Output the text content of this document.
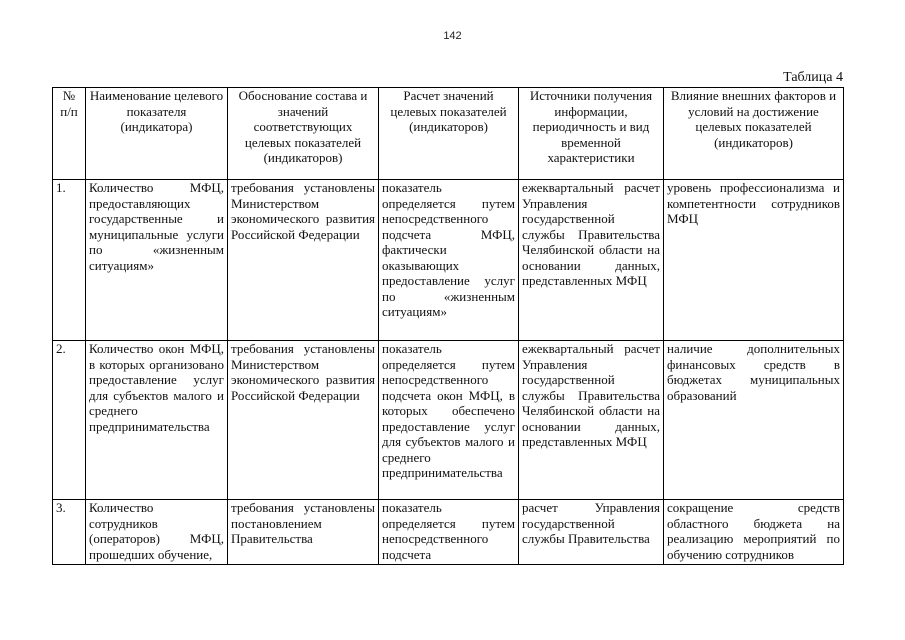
142
Таблица 4
№ п/п	Наименование целевого показателя (индикатора)	Обоснование состава и значений соответствующих целевых показателей (индикаторов)	Расчет значений целевых показателей (индикаторов)	Источники получения информации, периодичность и вид временной характеристики	Влияние внешних факторов и условий на достижение целевых показателей (индикаторов)
1.	Количество МФЦ, предоставляющих государственные и муниципальные услуги по «жизненным ситуациям»	требования установлены Министерством экономического развития Российской Федерации	показатель определяется путем непосредственного подсчета МФЦ, фактически оказывающих предоставление услуг по «жизненным ситуациям»	ежеквартальный расчет Управления государственной службы Правительства Челябинской области на основании данных, представленных МФЦ	уровень профессионализма и компетентности сотрудников МФЦ
2.	Количество окон МФЦ, в которых организовано предоставление услуг для субъектов малого и среднего предпринимательства	требования установлены Министерством экономического развития Российской Федерации	показатель определяется путем непосредственного подсчета окон МФЦ, в которых обеспечено предоставление услуг для субъектов малого и среднего предпринимательства	ежеквартальный расчет Управления государственной службы Правительства Челябинской области на основании данных, представленных МФЦ	наличие дополнительных финансовых средств в бюджетах муниципальных образований
3.	Количество сотрудников (операторов) МФЦ, прошедших обучение,	требования установлены постановлением Правительства	показатель определяется путем непосредственного подсчета	расчет Управления государственной службы Правительства	сокращение средств областного бюджета на реализацию мероприятий по обучению сотрудников
